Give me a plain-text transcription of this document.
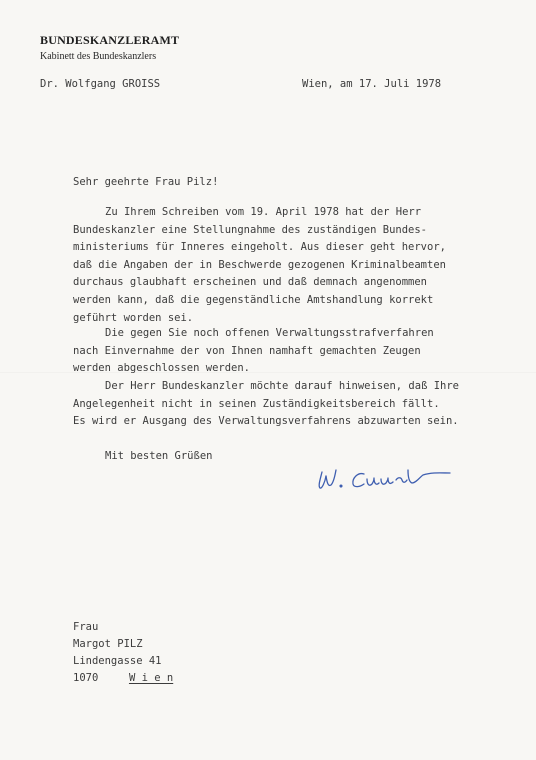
BUNDESKANZLERAMT
Kabinett des Bundeskanzlers
Dr. Wolfgang GROISS	Wien, am 17. Juli 1978
Sehr geehrte Frau Pilz!
Zu Ihrem Schreiben vom 19. April 1978 hat der Herr
Bundeskanzler eine Stellungnahme des zuständigen Bundes-
ministeriums für Inneres eingeholt. Aus dieser geht hervor,
daß die Angaben der in Beschwerde gezogenen Kriminalbeamten
durchaus glaubhaft erscheinen und daß demnach angenommen
werden kann, daß die gegenständliche Amtshandlung korrekt
geführt worden sei.
Die gegen Sie noch offenen Verwaltungsstrafverfahren
nach Einvernahme der von Ihnen namhaft gemachten Zeugen
werden abgeschlossen werden.
Der Herr Bundeskanzler möchte darauf hinweisen, daß Ihre
Angelegenheit nicht in seinen Zuständigkeitsbereich fällt.
Es wird er Ausgang des Verwaltungsverfahrens abzuwarten sein.
Mit besten Grüßen
Frau
Margot PILZ
Lindengasse 41
1070	W i e n
